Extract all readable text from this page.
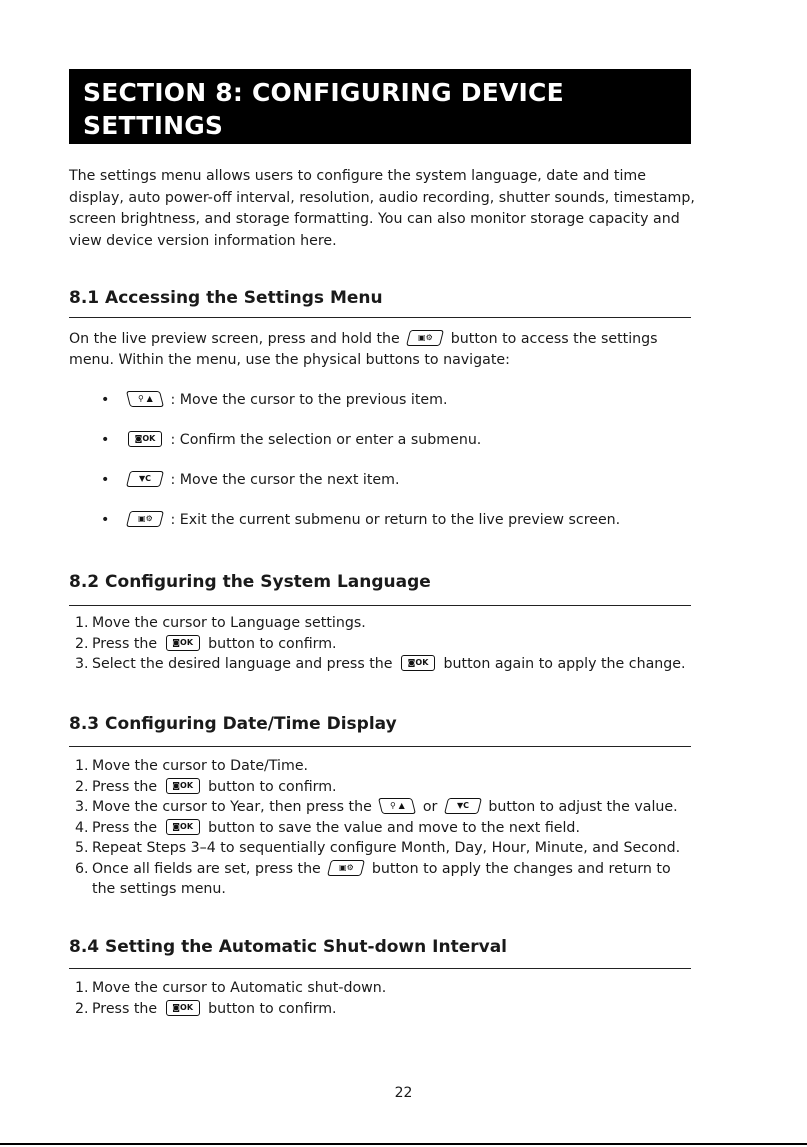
SECTION 8: CONFIGURING DEVICE SETTINGS

The settings menu allows users to configure the system language, date and time display, auto power-off interval, resolution, audio recording, shutter sounds, timestamp, screen brightness, and storage formatting. You can also monitor storage capacity and view device version information here.

8.1 Accessing the Settings Menu

On the live preview screen, press and hold the ▣⚙ button to access the settings menu. Within the menu, use the physical buttons to navigate:

•	⚲ ▲ : Move the cursor to the previous item.
•	◙OK : Confirm the selection or enter a submenu.
•	▼C : Move the cursor the next item.
•	▣⚙ : Exit the current submenu or return to the live preview screen.
8.2 Configuring the System Language
1. Move the cursor to Language settings.
2. Press the ◙OK button to confirm.
3. Select the desired language and press the ◙OK button again to apply the change.
8.3 Configuring Date/Time Display
1. Move the cursor to Date/Time.
2. Press the ◙OK button to confirm.
3. Move the cursor to Year, then press the ⚲ ▲ or ▼C button to adjust the value.
4. Press the ◙OK button to save the value and move to the next field.
5. Repeat Steps 3–4 to sequentially configure Month, Day, Hour, Minute, and Second.
6. Once all fields are set, press the ▣⚙ button to apply the changes and return to the settings menu.
8.4 Setting the Automatic Shut-down Interval
1. Move the cursor to Automatic shut-down.
2. Press the ◙OK button to confirm.
22
